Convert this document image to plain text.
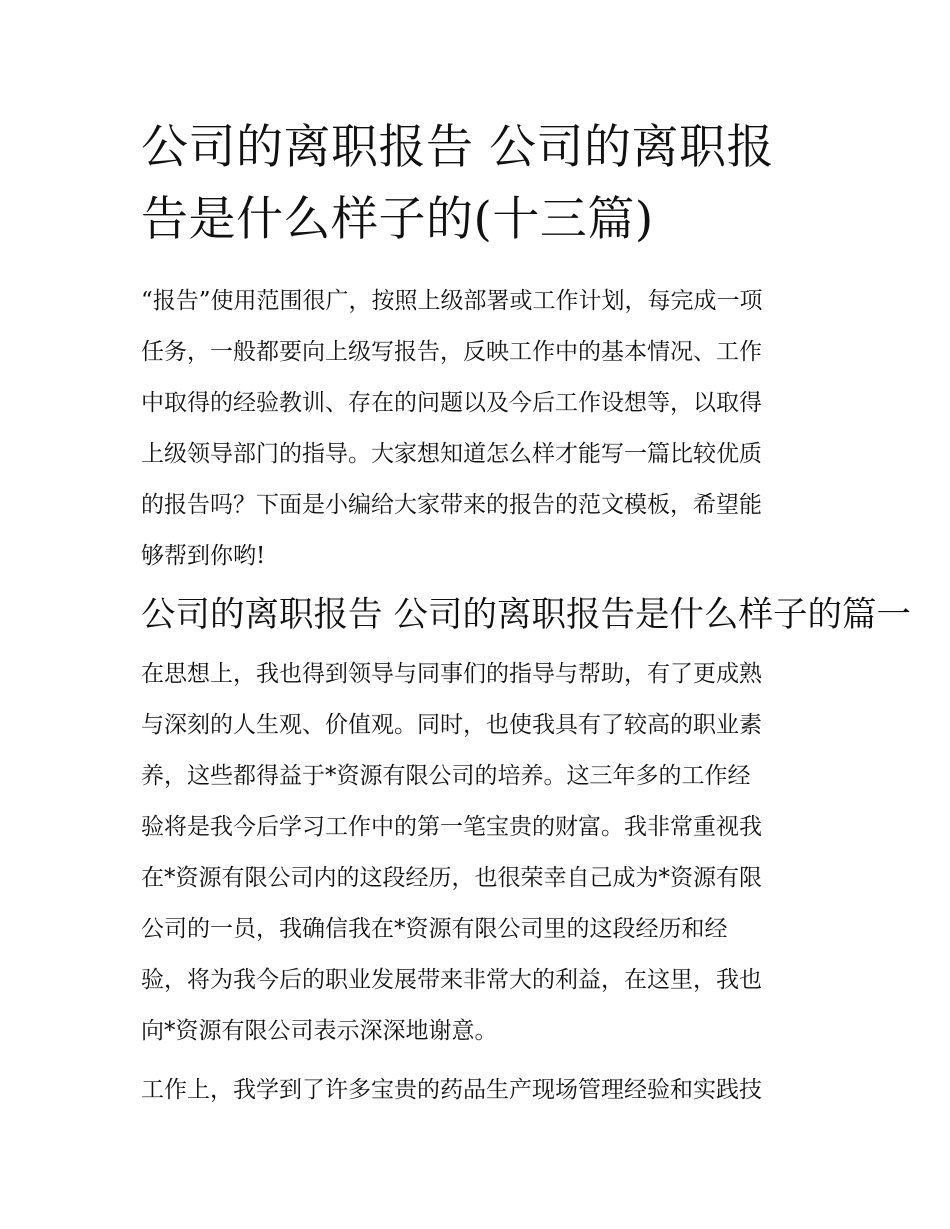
公司的离职报告 公司的离职报
告是什么样子的(十三篇)

“报告”使用范围很广，按照上级部署或工作计划，每完成一项
任务，一般都要向上级写报告，反映工作中的基本情况、工作
中取得的经验教训、存在的问题以及今后工作设想等，以取得
上级领导部门的指导。大家想知道怎么样才能写一篇比较优质
的报告吗？下面是小编给大家带来的报告的范文模板，希望能
够帮到你哟!

公司的离职报告 公司的离职报告是什么样子的篇一

在思想上，我也得到领导与同事们的指导与帮助，有了更成熟
与深刻的人生观、价值观。同时，也使我具有了较高的职业素
养，这些都得益于*资源有限公司的培养。这三年多的工作经
验将是我今后学习工作中的第一笔宝贵的财富。我非常重视我
在*资源有限公司内的这段经历，也很荣幸自己成为*资源有限
公司的一员，我确信我在*资源有限公司里的这段经历和经
验，将为我今后的职业发展带来非常大的利益，在这里，我也
向*资源有限公司表示深深地谢意。

工作上，我学到了许多宝贵的药品生产现场管理经验和实践技
